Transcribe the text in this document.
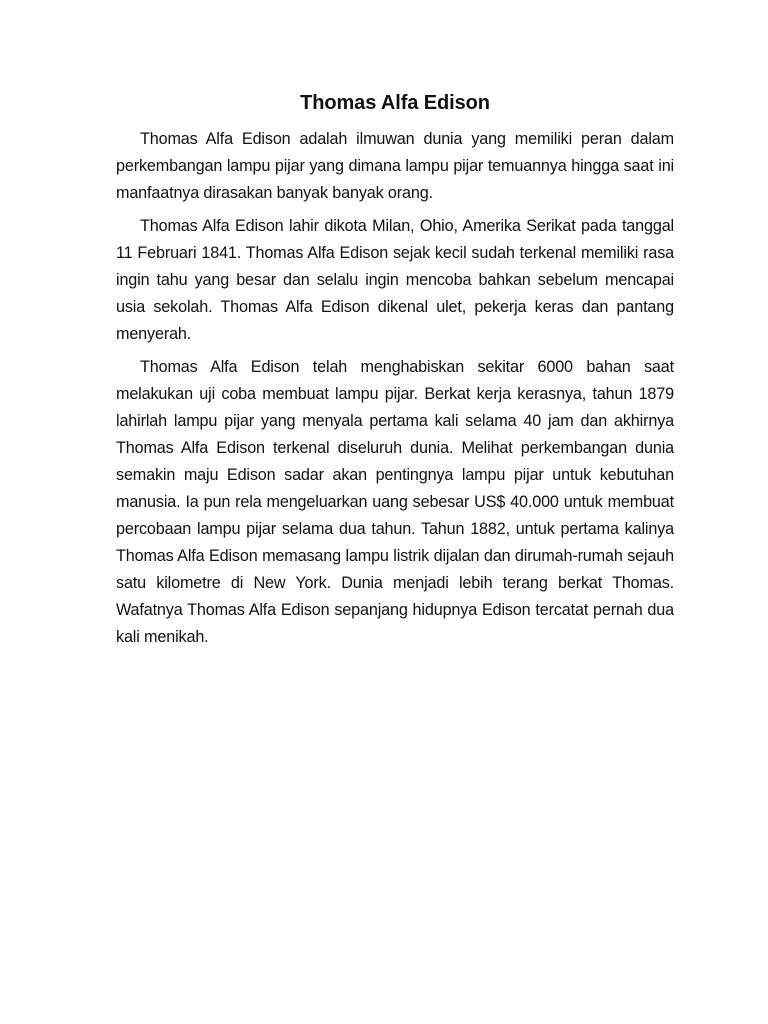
Thomas Alfa Edison

Thomas Alfa Edison adalah ilmuwan dunia yang memiliki peran dalam perkembangan lampu pijar yang dimana lampu pijar temuannya hingga saat ini manfaatnya dirasakan banyak banyak orang.

Thomas Alfa Edison lahir dikota Milan, Ohio, Amerika Serikat pada tanggal 11 Februari 1841. Thomas Alfa Edison sejak kecil sudah terkenal memiliki rasa ingin tahu yang besar dan selalu ingin mencoba bahkan sebelum mencapai usia sekolah. Thomas Alfa Edison dikenal ulet, pekerja keras dan pantang menyerah.

Thomas Alfa Edison telah menghabiskan sekitar 6000 bahan saat melakukan uji coba membuat lampu pijar. Berkat kerja kerasnya, tahun 1879 lahirlah lampu pijar yang menyala pertama kali selama 40 jam dan akhirnya Thomas Alfa Edison terkenal diseluruh dunia. Melihat perkembangan dunia semakin maju Edison sadar akan pentingnya lampu pijar untuk kebutuhan manusia. Ia pun rela mengeluarkan uang sebesar US$ 40.000 untuk membuat percobaan lampu pijar selama dua tahun. Tahun 1882, untuk pertama kalinya Thomas Alfa Edison memasang lampu listrik dijalan dan dirumah-rumah sejauh satu kilometre di New York. Dunia menjadi lebih terang berkat Thomas. Wafatnya Thomas Alfa Edison sepanjang hidupnya Edison tercatat pernah dua kali menikah.
